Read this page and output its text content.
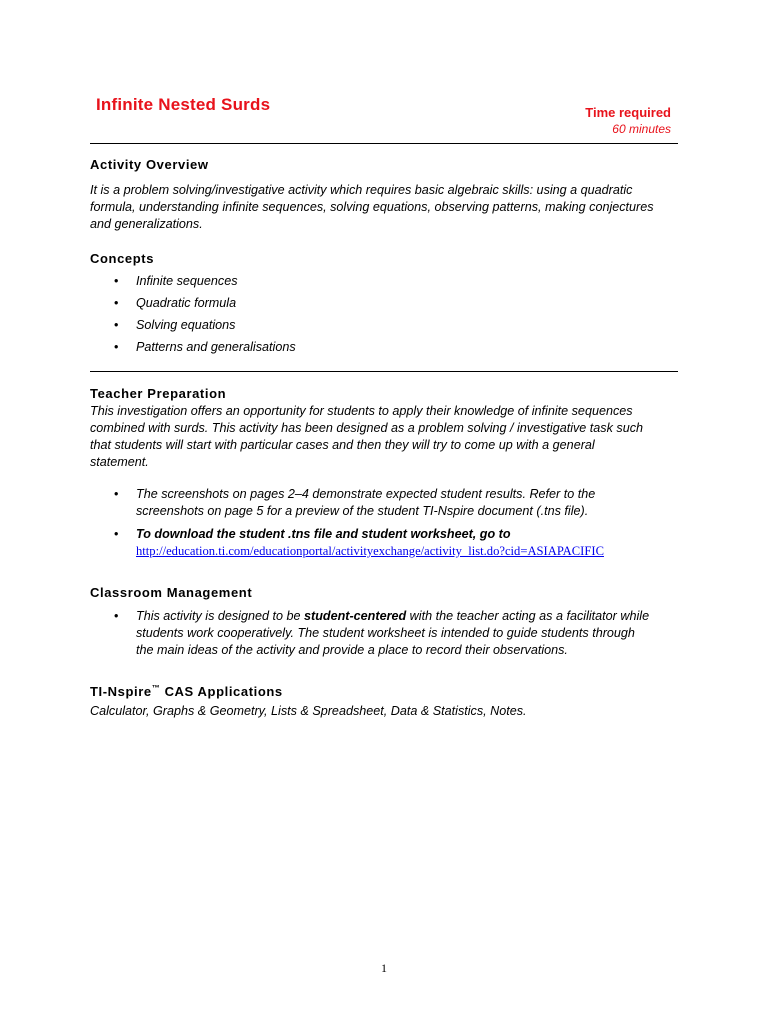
Infinite Nested Surds	Time required
60 minutes
Activity Overview
It is a problem solving/investigative activity which requires basic algebraic skills: using a quadratic formula, understanding infinite sequences, solving equations, observing patterns, making conjectures and generalizations.
Concepts
• Infinite sequences
• Quadratic formula
• Solving equations
• Patterns and generalisations
Teacher Preparation
This investigation offers an opportunity for students to apply their knowledge of infinite sequences combined with surds. This activity has been designed as a problem solving / investigative task such that students will start with particular cases and then they will try to come up with a general statement.
• The screenshots on pages 2–4 demonstrate expected student results. Refer to the screenshots on page 5 for a preview of the student TI-Nspire document (.tns file).
• To download the student .tns file and student worksheet, go to
http://education.ti.com/educationportal/activityexchange/activity_list.do?cid=ASIAPACIFIC
Classroom Management
• This activity is designed to be student-centered with the teacher acting as a facilitator while students work cooperatively. The student worksheet is intended to guide students through the main ideas of the activity and provide a place to record their observations.
TI-Nspire™ CAS Applications
Calculator, Graphs & Geometry, Lists & Spreadsheet, Data & Statistics, Notes.
1
